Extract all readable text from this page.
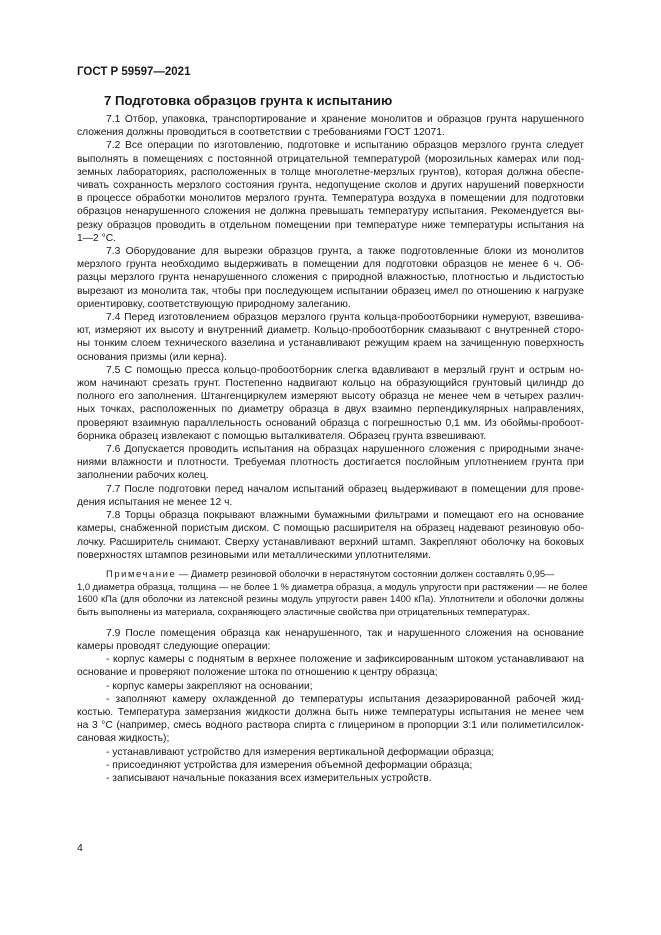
ГОСТ Р 59597—2021
7 Подготовка образцов грунта к испытанию
7.1 Отбор, упаковка, транспортирование и хранение монолитов и образцов грунта нарушенного
сложения должны проводиться в соответствии с требованиями ГОСТ 12071.
7.2 Все операции по изготовлению, подготовке и испытанию образцов мерзлого грунта следует
выполнять в помещениях с постоянной отрицательной температурой (морозильных камерах или под-
земных лабораториях, расположенных в толще многолетне-мерзлых грунтов), которая должна обеспе-
чивать сохранность мерзлого состояния грунта, недопущение сколов и других нарушений поверхности
в процессе обработки монолитов мерзлого грунта. Температура воздуха в помещении для подготовки
образцов ненарушенного сложения не должна превышать температуру испытания. Рекомендуется вы-
резку образцов проводить в отдельном помещении при температуре ниже температуры испытания на
1—2 °С.
7.3 Оборудование для вырезки образцов грунта, а также подготовленные блоки из монолитов
мерзлого грунта необходимо выдерживать в помещении для подготовки образцов не менее 6 ч. Об-
разцы мерзлого грунта ненарушенного сложения с природной влажностью, плотностью и льдистостью
вырезают из монолита так, чтобы при последующем испытании образец имел по отношению к нагрузке
ориентировку, соответствующую природному залеганию.
7.4 Перед изготовлением образцов мерзлого грунта кольца-пробоотборники нумеруют, взвешива-
ют, измеряют их высоту и внутренний диаметр. Кольцо-пробоотборник смазывают с внутренней сторо-
ны тонким слоем технического вазелина и устанавливают режущим краем на зачищенную поверхность
основания призмы (или керна).
7.5 С помощью пресса кольцо-пробоотборник слегка вдавливают в мерзлый грунт и острым но-
жом начинают срезать грунт. Постепенно надвигают кольцо на образующийся грунтовый цилиндр до
полного его заполнения. Штангенциркулем измеряют высоту образца не менее чем в четырех различ-
ных точках, расположенных по диаметру образца в двух взаимно перпендикулярных направлениях,
проверяют взаимную параллельность оснований образца с погрешностью 0,1 мм. Из обоймы-пробоот-
борника образец извлекают с помощью выталкивателя. Образец грунта взвешивают.
7.6 Допускается проводить испытания на образцах нарушенного сложения с природными значе-
ниями влажности и плотности. Требуемая плотность достигается послойным уплотнением грунта при
заполнении рабочих колец.
7.7 После подготовки перед началом испытаний образец выдерживают в помещении для прове-
дения испытания не менее 12 ч.
7.8 Торцы образца покрывают влажными бумажными фильтрами и помещают его на основание
камеры, снабженной пористым диском. С помощью расширителя на образец надевают резиновую обо-
лочку. Расширитель снимают. Сверху устанавливают верхний штамп. Закрепляют оболочку на боковых
поверхностях штампов резиновыми или металлическими уплотнителями.
Примечание — Диаметр резиновой оболочки в нерастянутом состоянии должен составлять 0,95—
1,0 диаметра образца, толщина — не более 1 % диаметра образца, а модуль упругости при растяжении — не более
1600 кПа (для оболочки из латексной резины модуль упругости равен 1400 кПа). Уплотнители и оболочки должны
быть выполнены из материала, сохраняющего эластичные свойства при отрицательных температурах.
7.9 После помещения образца как ненарушенного, так и нарушенного сложения на основание
камеры проводят следующие операции:
- корпус камеры с поднятым в верхнее положение и зафиксированным штоком устанавливают на
основание и проверяют положение штока по отношению к центру образца;
- корпус камеры закрепляют на основании;
- заполняют камеру охлажденной до температуры испытания дезаэрированной рабочей жид-
костью. Температура замерзания жидкости должна быть ниже температуры испытания не менее чем
на 3 °С (например, смесь водного раствора спирта с глицерином в пропорции 3:1 или полиметилсилок-
сановая жидкость);
- устанавливают устройство для измерения вертикальной деформации образца;
- присоединяют устройства для измерения объемной деформации образца;
- записывают начальные показания всех измерительных устройств.
4
